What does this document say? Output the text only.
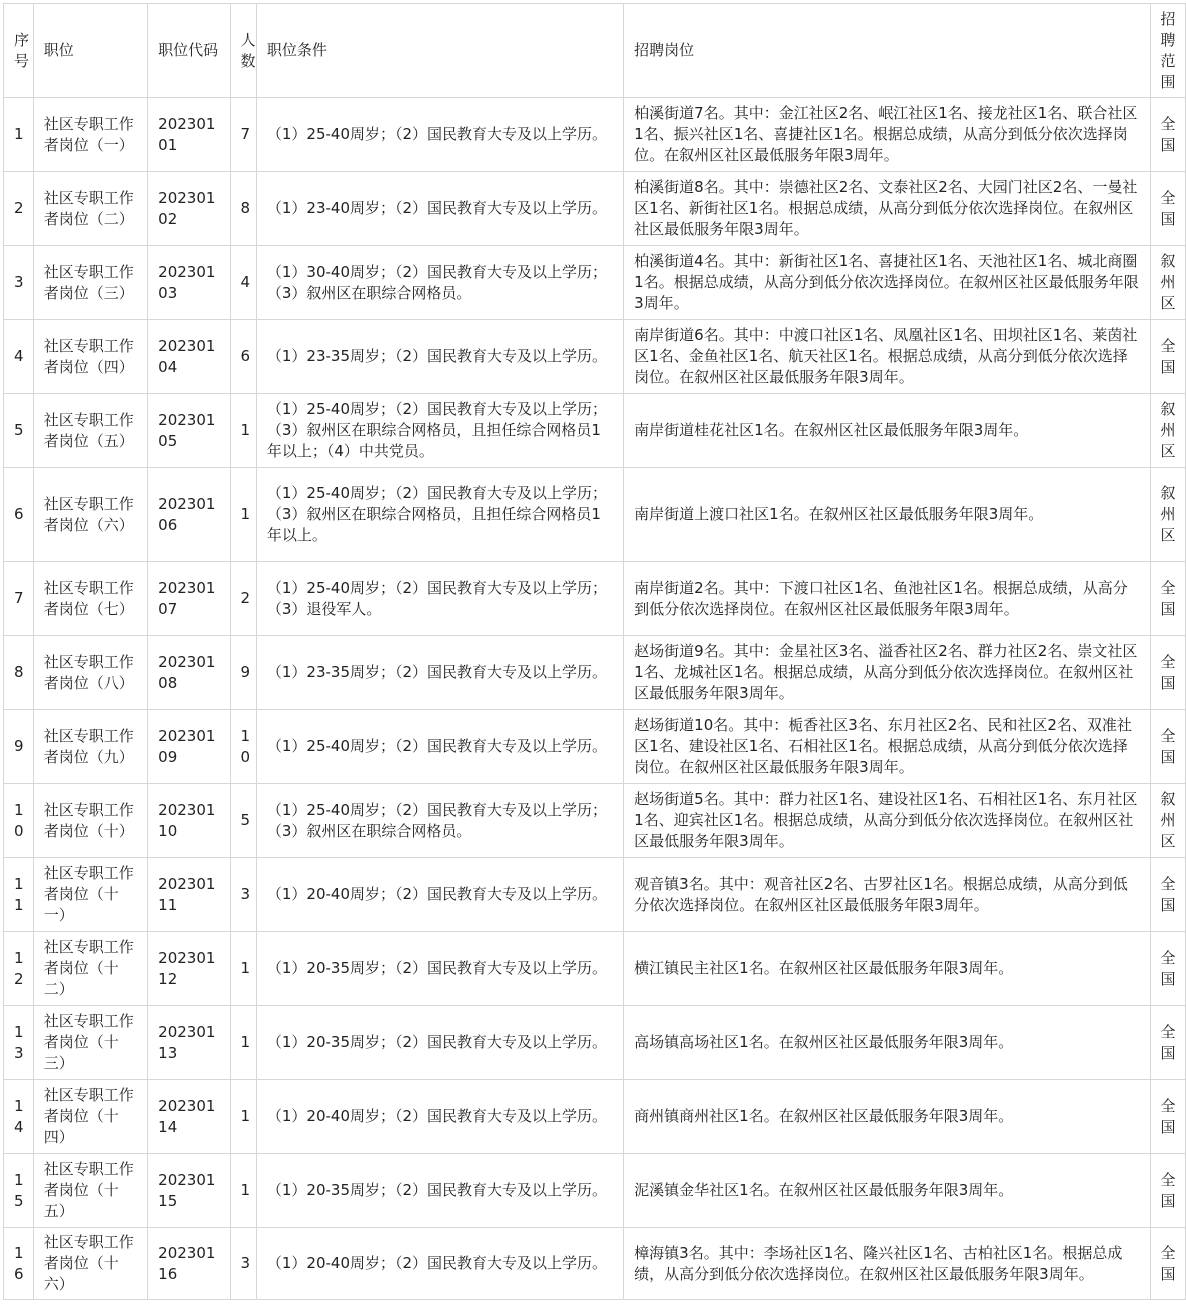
序号	职位	职位代码	人数	职位条件	招聘岗位	招聘范围

1	社区专职工作者岗位（一）	20230101	7	（1）25-40周岁；（2）国民教育大专及以上学历。	柏溪街道7名。其中：金江社区2名、岷江社区1名、接龙社区1名、联合社区1名、振兴社区1名、喜捷社区1名。根据总成绩，从高分到低分依次选择岗位。在叙州区社区最低服务年限3周年。	全国

2	社区专职工作者岗位（二）	20230102	8	（1）23-40周岁；（2）国民教育大专及以上学历。	柏溪街道8名。其中：崇德社区2名、文泰社区2名、大园门社区2名、一曼社区1名、新街社区1名。根据总成绩，从高分到低分依次选择岗位。在叙州区社区最低服务年限3周年。	全国

3	社区专职工作者岗位（三）	20230103	4	（1）30-40周岁；（2）国民教育大专及以上学历；（3）叙州区在职综合网格员。	柏溪街道4名。其中：新街社区1名、喜捷社区1名、天池社区1名、城北商圈1名。根据总成绩，从高分到低分依次选择岗位。在叙州区社区最低服务年限3周年。	叙州区

4	社区专职工作者岗位（四）	20230104	6	（1）23-35周岁；（2）国民教育大专及以上学历。	南岸街道6名。其中：中渡口社区1名、凤凰社区1名、田坝社区1名、莱茵社区1名、金鱼社区1名、航天社区1名。根据总成绩，从高分到低分依次选择岗位。在叙州区社区最低服务年限3周年。	全国

5	社区专职工作者岗位（五）	20230105	1	（1）25-40周岁；（2）国民教育大专及以上学历；（3）叙州区在职综合网格员，且担任综合网格员1年以上；（4）中共党员。	南岸街道桂花社区1名。在叙州区社区最低服务年限3周年。	叙州区

6	社区专职工作者岗位（六）	20230106	1	（1）25-40周岁；（2）国民教育大专及以上学历；（3）叙州区在职综合网格员，且担任综合网格员1年以上。	南岸街道上渡口社区1名。在叙州区社区最低服务年限3周年。	叙州区

7	社区专职工作者岗位（七）	20230107	2	（1）25-40周岁；（2）国民教育大专及以上学历；（3）退役军人。	南岸街道2名。其中：下渡口社区1名、鱼池社区1名。根据总成绩，从高分到低分依次选择岗位。在叙州区社区最低服务年限3周年。	全国

8	社区专职工作者岗位（八）	20230108	9	（1）23-35周岁；（2）国民教育大专及以上学历。	赵场街道9名。其中：金星社区3名、溢香社区2名、群力社区2名、崇文社区1名、龙城社区1名。根据总成绩，从高分到低分依次选择岗位。在叙州区社区最低服务年限3周年。	全国

9	社区专职工作者岗位（九）	20230109	10	（1）25-40周岁；（2）国民教育大专及以上学历。	赵场街道10名。其中：栀香社区3名、东月社区2名、民和社区2名、双准社区1名、建设社区1名、石相社区1名。根据总成绩，从高分到低分依次选择岗位。在叙州区社区最低服务年限3周年。	全国

10	社区专职工作者岗位（十）	20230110	5	（1）25-40周岁；（2）国民教育大专及以上学历；（3）叙州区在职综合网格员。	赵场街道5名。其中：群力社区1名、建设社区1名、石相社区1名、东月社区1名、迎宾社区1名。根据总成绩，从高分到低分依次选择岗位。在叙州区社区最低服务年限3周年。	叙州区

11	社区专职工作者岗位（十一）	20230111	3	（1）20-40周岁；（2）国民教育大专及以上学历。	观音镇3名。其中：观音社区2名、古罗社区1名。根据总成绩，从高分到低分依次选择岗位。在叙州区社区最低服务年限3周年。	全国

12	社区专职工作者岗位（十二）	20230112	1	（1）20-35周岁；（2）国民教育大专及以上学历。	横江镇民主社区1名。在叙州区社区最低服务年限3周年。	全国

13	社区专职工作者岗位（十三）	20230113	1	（1）20-35周岁；（2）国民教育大专及以上学历。	高场镇高场社区1名。在叙州区社区最低服务年限3周年。	全国

14	社区专职工作者岗位（十四）	20230114	1	（1）20-40周岁；（2）国民教育大专及以上学历。	商州镇商州社区1名。在叙州区社区最低服务年限3周年。	全国

15	社区专职工作者岗位（十五）	20230115	1	（1）20-35周岁；（2）国民教育大专及以上学历。	泥溪镇金华社区1名。在叙州区社区最低服务年限3周年。	全国

16	社区专职工作者岗位（十六）	20230116	3	（1）20-40周岁；（2）国民教育大专及以上学历。	樟海镇3名。其中：李场社区1名、隆兴社区1名、古柏社区1名。根据总成绩，从高分到低分依次选择岗位。在叙州区社区最低服务年限3周年。	全国
